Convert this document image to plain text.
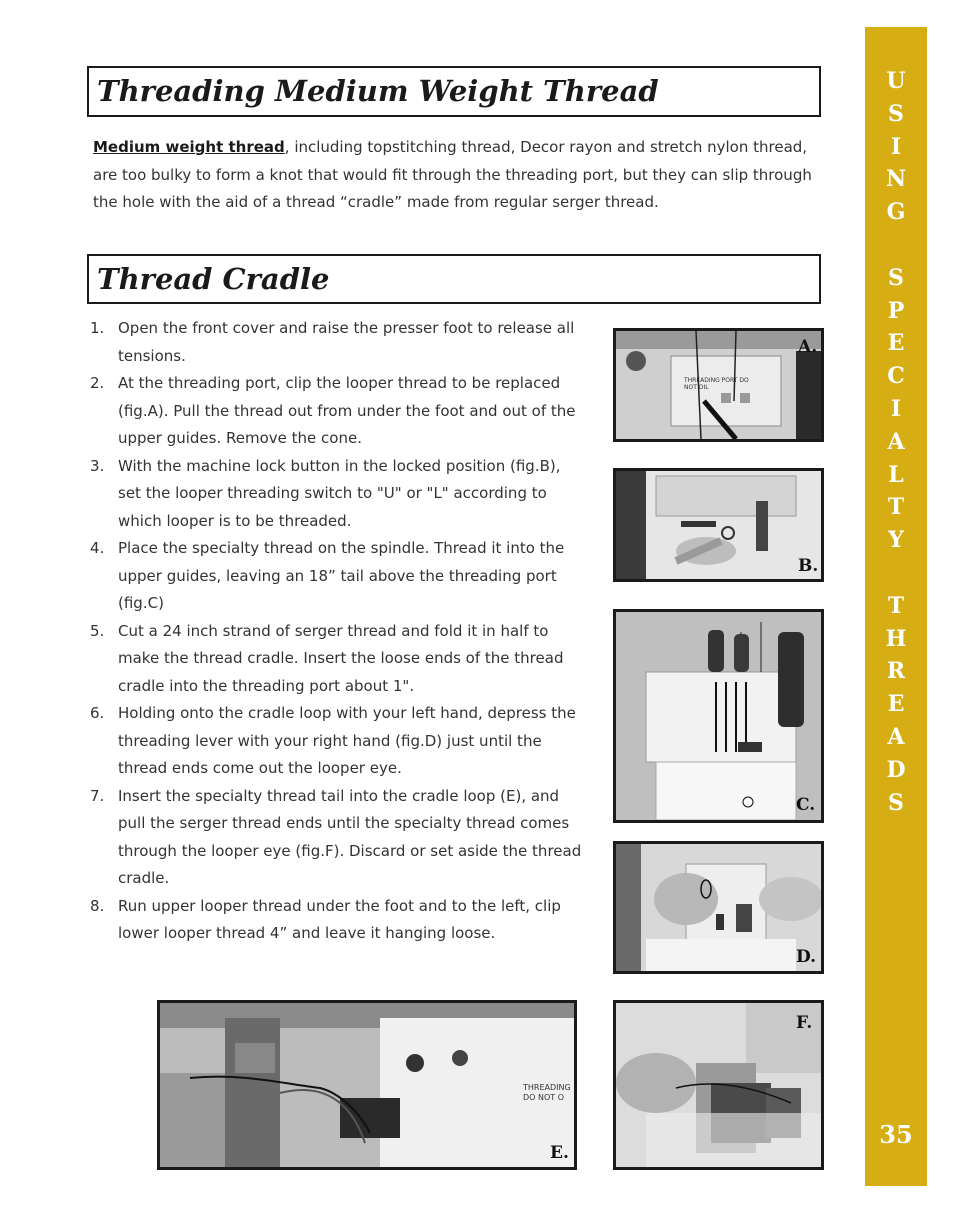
Threading Medium Weight Thread
Medium weight thread, including topstitching thread, Decor rayon and stretch nylon thread, are too bulky to form a knot that would fit through the threading port, but they can slip through the hole with the aid of a thread “cradle” made from regular serger thread.
Thread Cradle
1. Open the front cover and raise the presser foot to release all tensions.
2. At the threading port, clip the looper thread to be replaced (fig.A). Pull the thread out from under the foot and out of the upper guides. Remove the cone.
3. With the machine lock button in the locked position (fig.B), set the looper threading switch to "U" or "L" according to which looper is to be threaded.
4. Place the specialty thread on the spindle. Thread it into the upper guides, leaving an 18” tail above the threading port (fig.C)
5. Cut a 24 inch strand of serger thread and fold it in half to make the thread cradle. Insert the loose ends of the thread cradle into the threading port about 1".
6. Holding onto the cradle loop with your left hand, depress the threading lever with your right hand (fig.D) just until the thread ends come out the looper eye.
7. Insert the specialty thread tail into the cradle loop (E), and pull the serger thread ends until the specialty thread comes through the looper eye (fig.F). Discard or set aside the thread cradle.
8. Run upper looper thread under the foot and to the left, clip lower looper thread 4” and leave it hanging loose.
A.
THREADING PORT DO NOT OIL
B.
C.
D.
E.
THREADING DO NOT O
F.
U
S
I
N
G
S
P
E
C
I
A
L
T
Y
T
H
R
E
A
D
S
35
